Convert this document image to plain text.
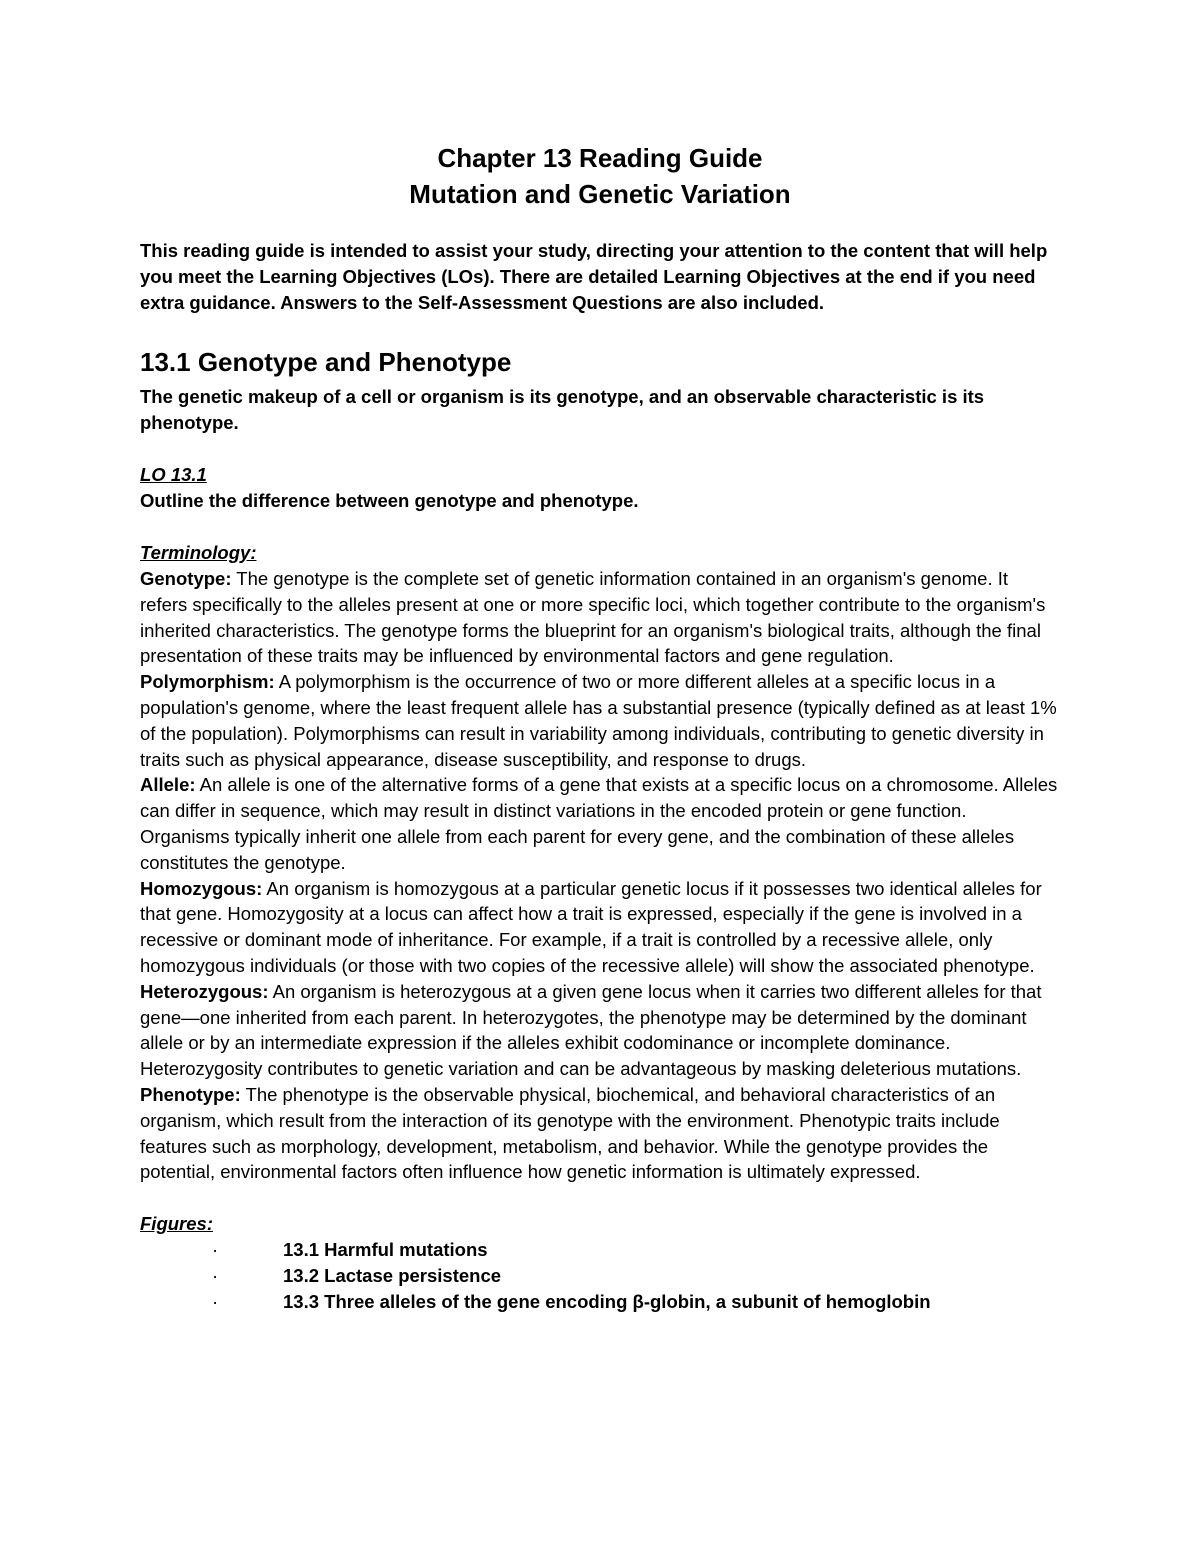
Chapter 13 Reading Guide
Mutation and Genetic Variation

This reading guide is intended to assist your study, directing your attention to the content that will help you meet the Learning Objectives (LOs). There are detailed Learning Objectives at the end if you need extra guidance. Answers to the Self-Assessment Questions are also included.

13.1 Genotype and Phenotype

The genetic makeup of a cell or organism is its genotype, and an observable characteristic is its phenotype.

LO 13.1

Outline the difference between genotype and phenotype.

Terminology:

Genotype: The genotype is the complete set of genetic information contained in an organism's genome. It refers specifically to the alleles present at one or more specific loci, which together contribute to the organism's inherited characteristics. The genotype forms the blueprint for an organism's biological traits, although the final presentation of these traits may be influenced by environmental factors and gene regulation.

Polymorphism: A polymorphism is the occurrence of two or more different alleles at a specific locus in a population's genome, where the least frequent allele has a substantial presence (typically defined as at least 1% of the population). Polymorphisms can result in variability among individuals, contributing to genetic diversity in traits such as physical appearance, disease susceptibility, and response to drugs.

Allele: An allele is one of the alternative forms of a gene that exists at a specific locus on a chromosome. Alleles can differ in sequence, which may result in distinct variations in the encoded protein or gene function. Organisms typically inherit one allele from each parent for every gene, and the combination of these alleles constitutes the genotype.

Homozygous: An organism is homozygous at a particular genetic locus if it possesses two identical alleles for that gene. Homozygosity at a locus can affect how a trait is expressed, especially if the gene is involved in a recessive or dominant mode of inheritance. For example, if a trait is controlled by a recessive allele, only homozygous individuals (or those with two copies of the recessive allele) will show the associated phenotype.

Heterozygous: An organism is heterozygous at a given gene locus when it carries two different alleles for that gene—one inherited from each parent. In heterozygotes, the phenotype may be determined by the dominant allele or by an intermediate expression if the alleles exhibit codominance or incomplete dominance. Heterozygosity contributes to genetic variation and can be advantageous by masking deleterious mutations.

Phenotype: The phenotype is the observable physical, biochemical, and behavioral characteristics of an organism, which result from the interaction of its genotype with the environment. Phenotypic traits include features such as morphology, development, metabolism, and behavior. While the genotype provides the potential, environmental factors often influence how genetic information is ultimately expressed.

Figures:

·	13.1 Harmful mutations
·	13.2 Lactase persistence
·	13.3 Three alleles of the gene encoding β-globin, a subunit of hemoglobin
